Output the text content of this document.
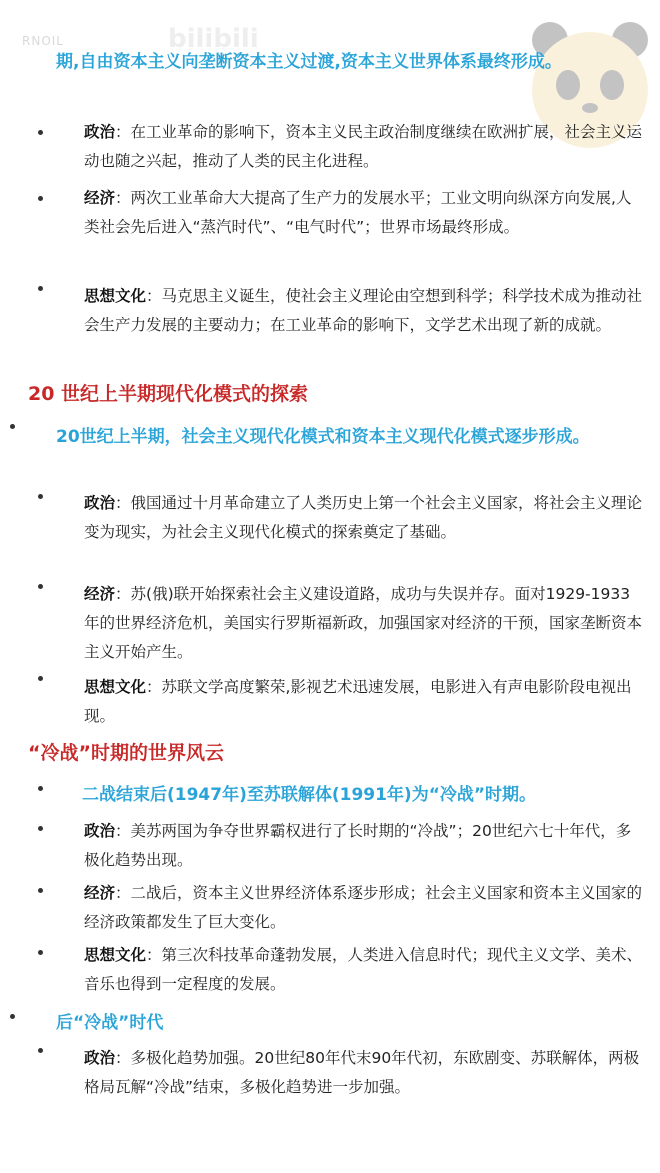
RNOIL	bilibili
期,自由资本主义向垄断资本主义过渡,资本主义世界体系最终形成。
政治：在工业革命的影响下，资本主义民主政治制度继续在欧洲扩展，社会主义运动也随之兴起，推动了人类的民主化进程。
经济：两次工业革命大大提高了生产力的发展水平；工业文明向纵深方向发展,人类社会先后进入“蒸汽时代”、“电气时代”；世界市场最终形成。
思想文化：马克思主义诞生，使社会主义理论由空想到科学；科学技术成为推动社会生产力发展的主要动力；在工业革命的影响下，文学艺术出现了新的成就。
20 世纪上半期现代化模式的探索
20世纪上半期，社会主义现代化模式和资本主义现代化模式逐步形成。
政治：俄国通过十月革命建立了人类历史上第一个社会主义国家，将社会主义理论变为现实，为社会主义现代化模式的探索奠定了基础。
经济：苏(俄)联开始探索社会主义建设道路，成功与失误并存。面对1929-1933 年的世界经济危机，美国实行罗斯福新政，加强国家对经济的干预，国家垄断资本主义开始产生。
思想文化：苏联文学高度繁荣,影视艺术迅速发展，电影进入有声电影阶段电视出现。
“冷战”时期的世界风云
二战结束后(1947年)至苏联解体(1991年)为“冷战”时期。
政治：美苏两国为争夺世界霸权进行了长时期的“冷战”；20世纪六七十年代，多极化趋势出现。
经济：二战后，资本主义世界经济体系逐步形成；社会主义国家和资本主义国家的经济政策都发生了巨大变化。
思想文化：第三次科技革命蓬勃发展，人类进入信息时代；现代主义文学、美术、音乐也得到一定程度的发展。
后“冷战”时代
政治：多极化趋势加强。20世纪80年代末90年代初，东欧剧变、苏联解体，两极格局瓦解“冷战”结束，多极化趋势进一步加强。
